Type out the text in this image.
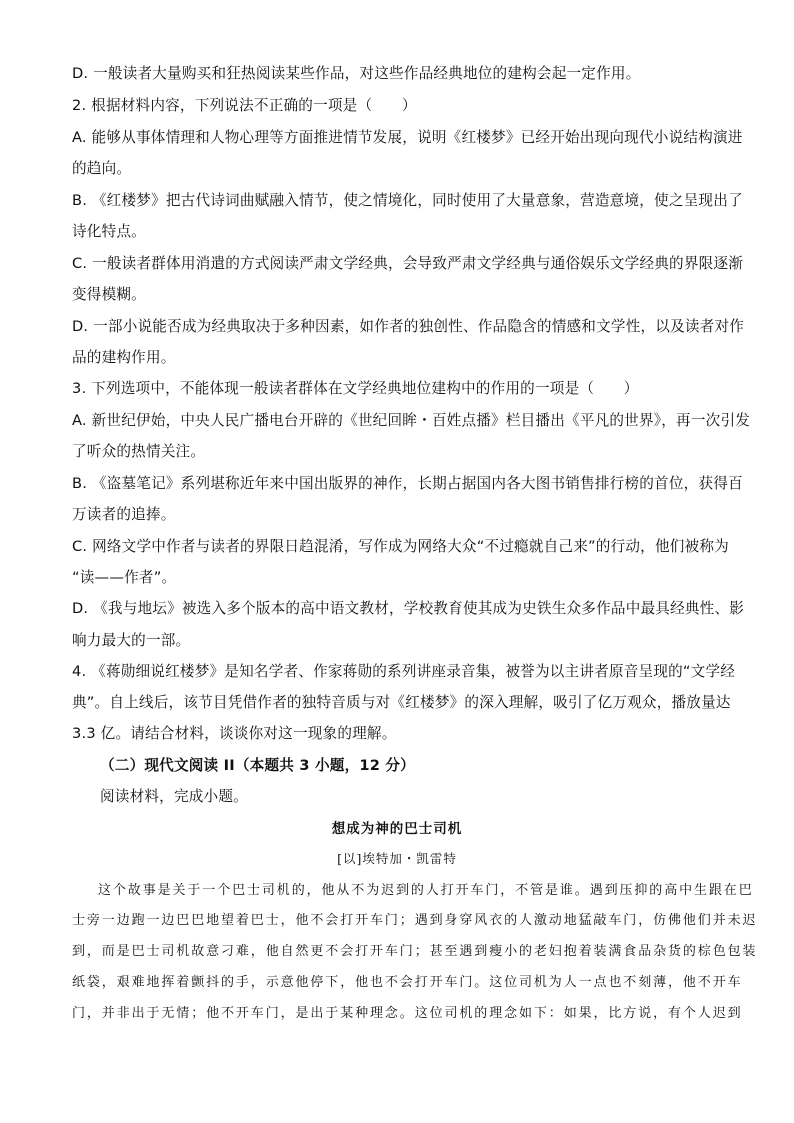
D. 一般读者大量购买和狂热阅读某些作品，对这些作品经典地位的建构会起一定作用。
2. 根据材料内容，下列说法不正确的一项是（　　）
A. 能够从事体情理和人物心理等方面推进情节发展，说明《红楼梦》已经开始出现向现代小说结构演进
的趋向。
B. 《红楼梦》把古代诗词曲赋融入情节，使之情境化，同时使用了大量意象，营造意境，使之呈现出了
诗化特点。
C. 一般读者群体用消遣的方式阅读严肃文学经典，会导致严肃文学经典与通俗娱乐文学经典的界限逐渐
变得模糊。
D. 一部小说能否成为经典取决于多种因素，如作者的独创性、作品隐含的情感和文学性，以及读者对作
品的建构作用。
3. 下列选项中，不能体现一般读者群体在文学经典地位建构中的作用的一项是（　　）
A. 新世纪伊始，中央人民广播电台开辟的《世纪回眸・百姓点播》栏目播出《平凡的世界》，再一次引发
了听众的热情关注。
B. 《盗墓笔记》系列堪称近年来中国出版界的神作，长期占据国内各大图书销售排行榜的首位，获得百
万读者的追捧。
C. 网络文学中作者与读者的界限日趋混淆，写作成为网络大众“不过瘾就自己来”的行动，他们被称为
“读——作者”。
D. 《我与地坛》被选入多个版本的高中语文教材，学校教育使其成为史铁生众多作品中最具经典性、影
响力最大的一部。
4. 《蒋勋细说红楼梦》是知名学者、作家蒋勋的系列讲座录音集，被誉为以主讲者原音呈现的“文学经
典”。自上线后，该节目凭借作者的独特音质与对《红楼梦》的深入理解，吸引了亿万观众，播放量达
3.3 亿。请结合材料，谈谈你对这一现象的理解。
（二）现代文阅读 II（本题共 3 小题，12 分）
阅读材料，完成小题。
想成为神的巴士司机
[以]埃特加・凯雷特
这个故事是关于一个巴士司机的，他从不为迟到的人打开车门，不管是谁。遇到压抑的高中生跟在巴
士旁一边跑一边巴巴地望着巴士，他不会打开车门；遇到身穿风衣的人激动地猛敲车门，仿佛他们并未迟
到，而是巴士司机故意刁难，他自然更不会打开车门；甚至遇到瘦小的老妇抱着装满食品杂货的棕色包装
纸袋，艰难地挥着颤抖的手，示意他停下，他也不会打开车门。这位司机为人一点也不刻薄，他不开车
门，并非出于无情；他不开车门，是出于某种理念。这位司机的理念如下：如果，比方说，有个人迟到
